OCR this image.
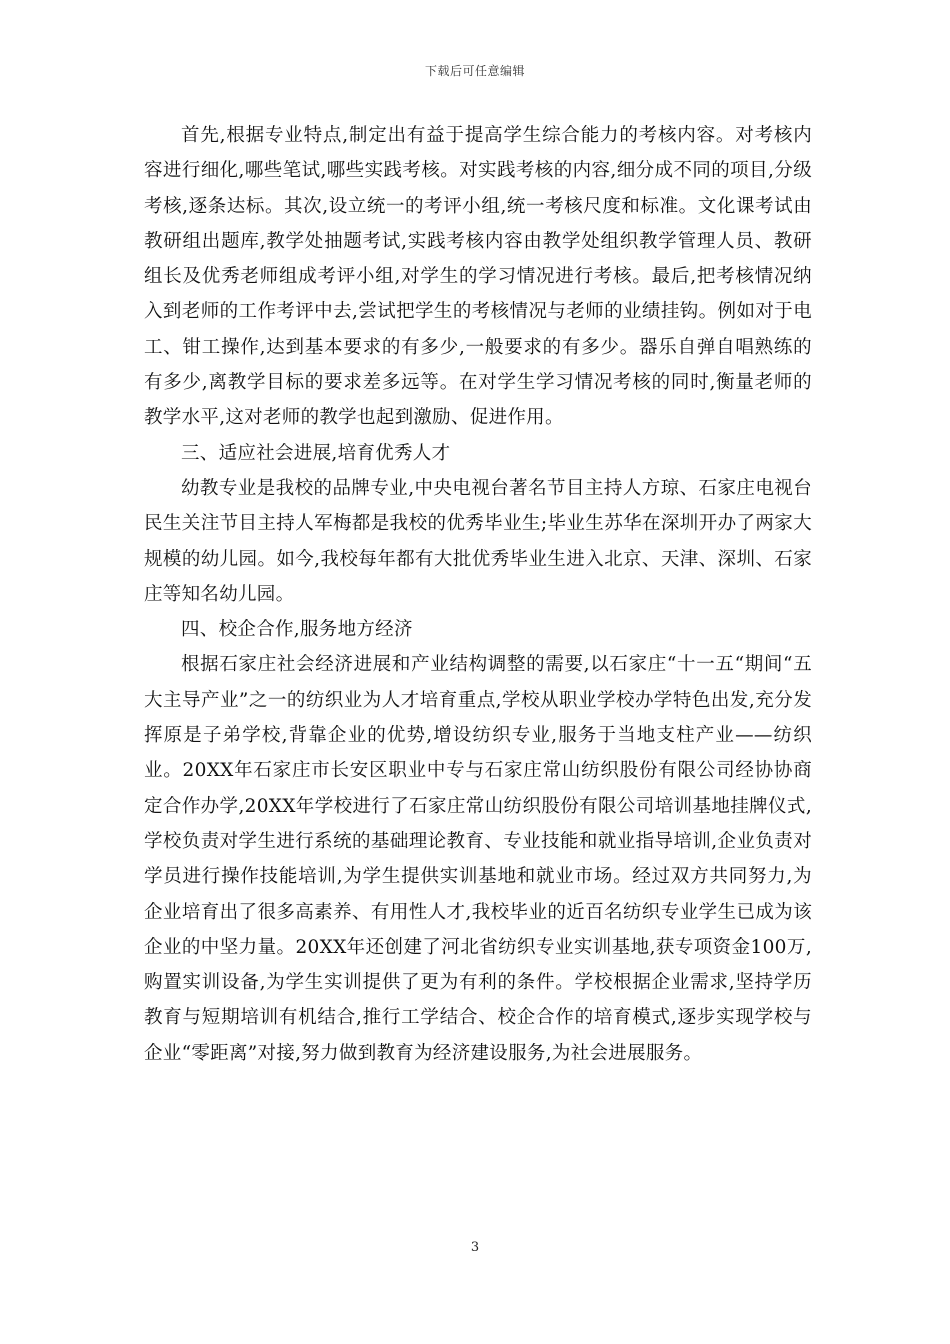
下载后可任意编辑

首先,根据专业特点,制定出有益于提高学生综合能力的考核内容。对考核内容进行细化,哪些笔试,哪些实践考核。对实践考核的内容,细分成不同的项目,分级考核,逐条达标。其次,设立统一的考评小组,统一考核尺度和标准。文化课考试由教研组出题库,教学处抽题考试,实践考核内容由教学处组织教学管理人员、教研组长及优秀老师组成考评小组,对学生的学习情况进行考核。最后,把考核情况纳入到老师的工作考评中去,尝试把学生的考核情况与老师的业绩挂钩。例如对于电工、钳工操作,达到基本要求的有多少,一般要求的有多少。器乐自弹自唱熟练的有多少,离教学目标的要求差多远等。在对学生学习情况考核的同时,衡量老师的教学水平,这对老师的教学也起到激励、促进作用。

三、适应社会进展,培育优秀人才

幼教专业是我校的品牌专业,中央电视台著名节目主持人方琼、石家庄电视台民生关注节目主持人军梅都是我校的优秀毕业生;毕业生苏华在深圳开办了两家大规模的幼儿园。如今,我校每年都有大批优秀毕业生进入北京、天津、深圳、石家庄等知名幼儿园。

四、校企合作,服务地方经济

根据石家庄社会经济进展和产业结构调整的需要,以石家庄“十一五“期间“五大主导产业”之一的纺织业为人才培育重点,学校从职业学校办学特色出发,充分发挥原是子弟学校,背靠企业的优势,增设纺织专业,服务于当地支柱产业——纺织业。20XX年石家庄市长安区职业中专与石家庄常山纺织股份有限公司经协协商定合作办学,20XX年学校进行了石家庄常山纺织股份有限公司培训基地挂牌仪式,学校负责对学生进行系统的基础理论教育、专业技能和就业指导培训,企业负责对学员进行操作技能培训,为学生提供实训基地和就业市场。经过双方共同努力,为企业培育出了很多高素养、有用性人才,我校毕业的近百名纺织专业学生已成为该企业的中坚力量。20XX年还创建了河北省纺织专业实训基地,获专项资金100万,购置实训设备,为学生实训提供了更为有利的条件。学校根据企业需求,坚持学历教育与短期培训有机结合,推行工学结合、校企合作的培育模式,逐步实现学校与企业“零距离”对接,努力做到教育为经济建设服务,为社会进展服务。

3
